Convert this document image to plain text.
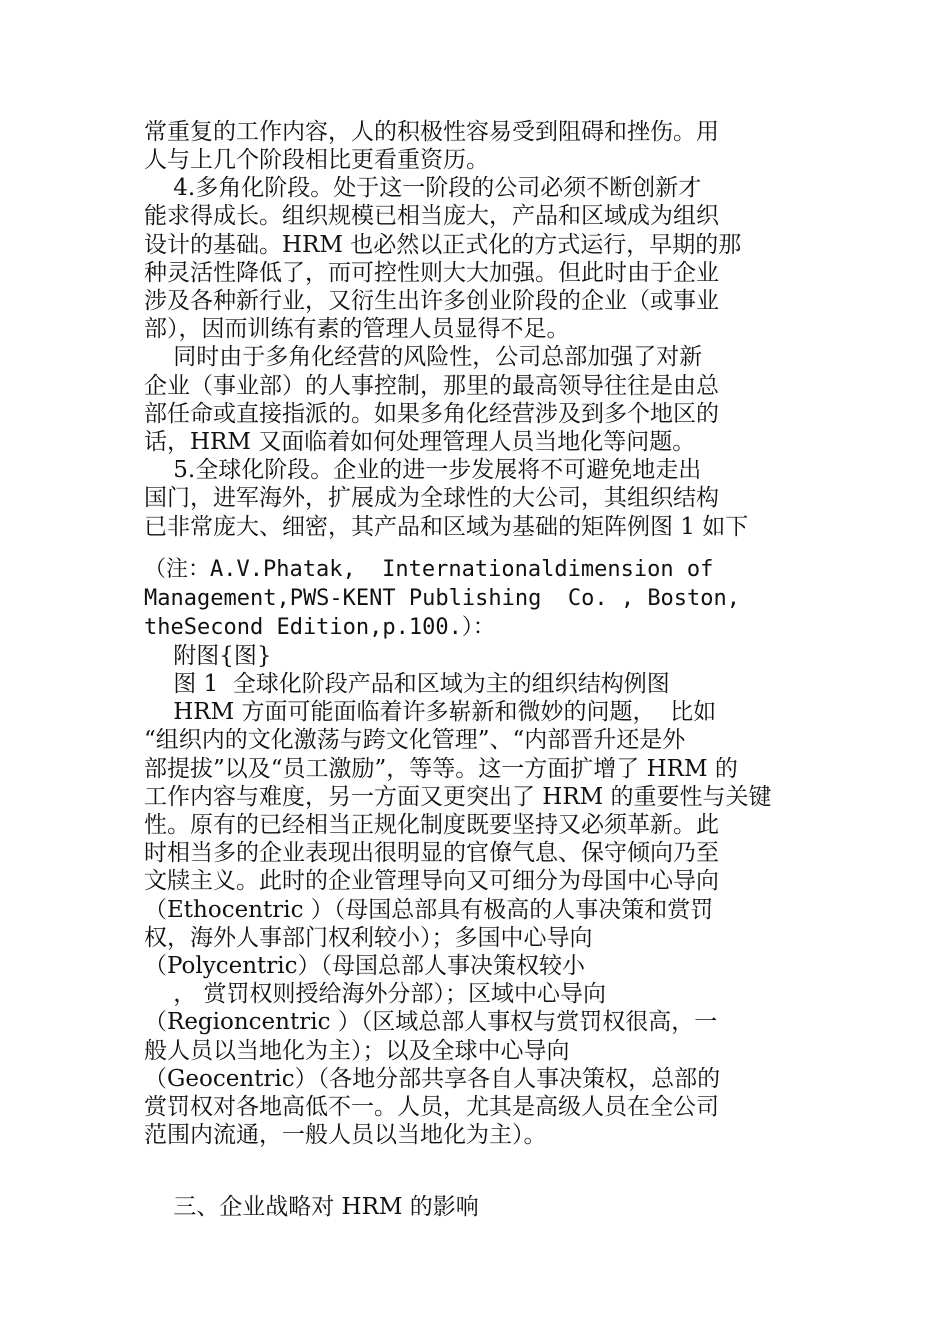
常重复的工作内容，人的积极性容易受到阻碍和挫伤。用

人与上几个阶段相比更看重资历。

4.多角化阶段。处于这一阶段的公司必须不断创新才

能求得成长。组织规模已相当庞大，产品和区域成为组织

设计的基础。HRM 也必然以正式化的方式运行，早期的那

种灵活性降低了，而可控性则大大加强。但此时由于企业

涉及各种新行业，又衍生出许多创业阶段的企业（或事业

部），因而训练有素的管理人员显得不足。

同时由于多角化经营的风险性，公司总部加强了对新

企业（事业部）的人事控制，那里的最高领导往往是由总

部任命或直接指派的。如果多角化经营涉及到多个地区的

话，HRM 又面临着如何处理管理人员当地化等问题。

5.全球化阶段。企业的进一步发展将不可避免地走出

国门，进军海外，扩展成为全球性的大公司，其组织结构

已非常庞大、细密，其产品和区域为基础的矩阵例图 1 如下

（注：A.V.Phatak,  Internationaldimension of

Management,PWS-KENT Publishing  Co. , Boston,

theSecond Edition,p.100.）：

附图{图}

图 1  全球化阶段产品和区域为主的组织结构例图

HRM 方面可能面临着许多崭新和微妙的问题，  比如

“组织内的文化激荡与跨文化管理”、“内部晋升还是外

部提拔”以及“员工激励”，等等。这一方面扩增了 HRM 的

工作内容与难度，另一方面又更突出了 HRM 的重要性与关键

性。原有的已经相当正规化制度既要坚持又必须革新。此

时相当多的企业表现出很明显的官僚气息、保守倾向乃至

文牍主义。此时的企业管理导向又可细分为母国中心导向

（Ethocentric ）（母国总部具有极高的人事决策和赏罚

权，海外人事部门权利较小）；多国中心导向

（Polycentric）（母国总部人事决策权较小

， 赏罚权则授给海外分部）；区域中心导向

（Regioncentric ）（区域总部人事权与赏罚权很高，一

般人员以当地化为主）；以及全球中心导向

（Geocentric）（各地分部共享各自人事决策权，总部的

赏罚权对各地高低不一。人员，尤其是高级人员在全公司

范围内流通，一般人员以当地化为主）。

三、企业战略对 HRM 的影响
